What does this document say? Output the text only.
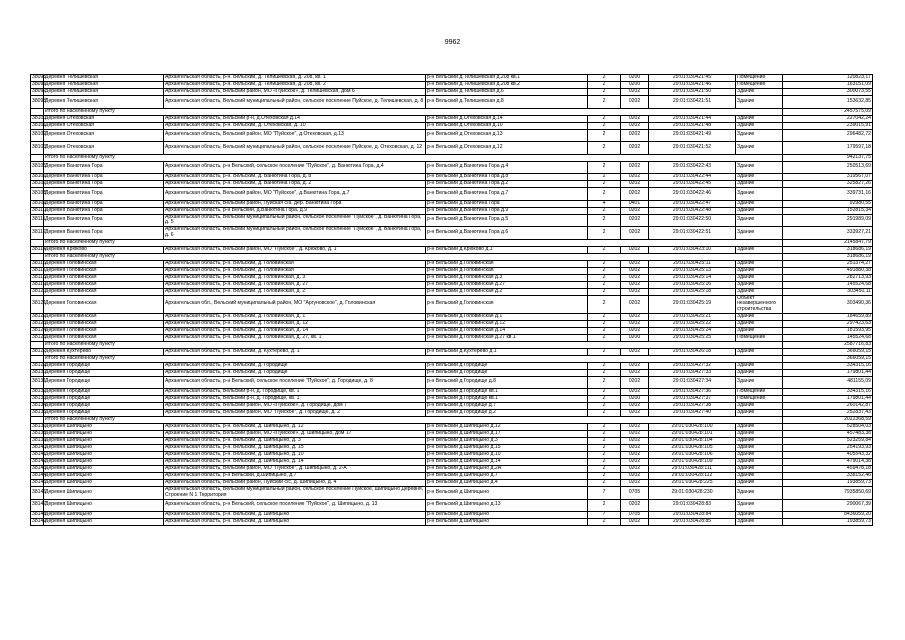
9962
38095	Деревня Телишевская	Архангельская область, р-н. Вельский, д. Телишевская, д. 208, кв. 1	р-н Вельский д.Телишевская д.208 кв.1	2	0200	29:01:030421:45	Помещение	120823,17
38096	Деревня Телишевская	Архангельская область, р-н. Вельский, д. Телишевская, д. 208, кв. 2	р-н Вельский д.Телишевская д.208 кв.2	2	0200	29:01:030421:46	Помещение	163151,09
38097	Деревня Телишевская	Архангельская область, Вельский район, МО «Пуйское», д. Телишевская, дом 6	р-н Вельский д.Телишевская д.6	2	0202	29:01:030421:50	Здание	300073,55
38098	Деревня Телишевская	Архангельская область, Вельский муниципальный район, сельское поселение Пуйское, д. Телишевская, д. 8	р-н Вельский д.Телишевская д.8	2	0202	29:01:030421:51	Здание	153632,85
	Итого по населенному пункту							2457575,09
38100	Деревня Отеховская	Архангельская область, Вельский р-н, д.Отеховская д.14	р-н Вельский д.Отеховская д.14	2	0202	29:01:030421:44	Здание	227042,24
38101	Деревня Отеховская	Архангельская область, р-н. Вельский, д. Отеховская, д. 10	р-н Вельский д.Отеховская д.10	2	0202	29:01:030421:48	Здание	239015,91
38102	Деревня Отеховская	Архангельская область, Вельский район, МО "Пуйское", д.Отеховская, д.13	р-н Вельский д.Отеховская д.13	2	0202	29:01:030421:49	Здание	296482,72
38103	Деревня Отеховская	Архангельская область, Вельский муниципальный район, сельское поселение Пуйское, д. Отеховская, д. 12	р-н Вельский д.Отеховская д.12	2	0202	29:01:030421:52	Здание	179597,18
	Итого по населенному пункту							942137,75
38105	Деревня Ванютина Гора	Архангельская область, р-н Вельский, сельское поселение "Пуйское", д. Ванютина Гора, д.4	р-н Вельский д.Ванютина Гора д.4	2	0202	29:01:030422:43	Здание	250513,69
38106	Деревня Ванютина Гора	Архангельская область, р-н. Вельский, д. Ванютина Гора, д. 8	р-н Вельский д.Ванютина Гора д.8	2	0202	29:01:030422:44	Здание	319567,07
38107	Деревня Ванютина Гора	Архангельская область, р-н. Вельский, д. Ванютина Гора, д. 2	р-н Вельский д.Ванютина Гора д.2	2	0202	29:01:030422:45	Здание	325827,26
38108	Деревня Ванютина Гора	Архангельская область, Вельский район, МО "Пуйское", д.Ванютина Гора, д.7	р-н Вельский д.Ванютина Гора д.7	2	0202	29:01:030422:46	Здание	339731,16
38109	Деревня Ванютина Гора	Архангельская область, Вельский район, Пуйская с/а, дер. Ванютина Гора	р-н Вельский д.Ванютина Гора	4	0401	29:01:030422:47	Здание	92980,55
38110	Деревня Ванютина Гора	Архангельская область, р-н Вельский, д.Ванютина Гора, д.9	р-н Вельский д.Ванютина Гора д.9	2	0202	29:01:030422:48	Здание	152815,34
38111	Деревня Ванютина Гора	Архангельская область, Вельский муниципальный район, сельское поселение "Пуйское", д. Ванютина Гора, д. 5	р-н Вельский д.Ванютина Гора д.5	2	0202	29:01:030422:50	Здание	291989,09
38112	Деревня Ванютина Гора	Архангельская область, Вельский муниципальный район, сельское поселение "Пуйское", д. Ванютина Гора, д. 6	р-н Вельский д.Ванютина Гора д.6	2	0202	29:01:030422:51	Здание	333927,21
	Итого по населенному пункту							2145847,79
38114	Деревня Крюково	Архангельская область, Вельский район, МО "Пуйское", д. Крюково, д. 1	р-н Вельский д.Крюково д.1	2	0202	29:01:030423:10	Здание	318686,19
	Итого по населенному пункту							318686,19
38116	Деревня Головинская	Архангельская область, р-н. Вельский, д. Головинская	р-н Вельский д.Головинская	2	0202	29:01:030425:11	Здание	251374,27
38117	Деревня Головинская	Архангельская область, р-н. Вельский, д. Головинская	р-н Вельский д.Головинская	2	0202	29:01:030425:13	Здание	491880,38
38118	Деревня Головинская	Архангельская область, р-н. Вельский, д. Головинская, д. 3	р-н Вельский д.Головинская д.3	2	0202	29:01:030425:14	Здание	282713,93
38119	Деревня Головинская	Архангельская область, р-н. Вельский, д. Головинская, д. 27	р-н Вельский д.Головинская д.27	2	0202	29:01:030425:16	Здание	145524,68
38120	Деревня Головинская	Архангельская область, р-н. Вельский, д. Головинская, д. 2	р-н Вельский д.Головинская д.2	2	0202	29:01:030425:18	Здание	303450,11
38121	Деревня Головинская	Архангельская обл., Вельский муниципальный район, МО "Аргуновское", д. Головинская	р-н Вельский д.Головинская	2	0202	29:01:030425:19	Объект незавершенного строительства	303490,36
38122	Деревня Головинская	Архангельская область, р-н. Вельский, д. Головинская, д. 1	р-н Вельский д.Головинская д.1	2	0202	29:01:030425:21	Здание	184659,89
38123	Деревня Головинская	Архангельская область, р-н. Вельский, д. Головинская, д. 12	р-н Вельский д.Головинская д.12	2	0202	29:01:030425:22	Здание	297423,63
38124	Деревня Головинская	Архангельская область, р-н. Вельский, д. Головинская, д. 14	р-н Вельский д.Головинская д.14	2	0202	29:01:030425:24	Здание	181593,95
38125	Деревня Головинская	Архангельская область, р-н. Вельский, д. Головинская, д. 27, кв. 1	р-н Вельский д.Головинская д.27 кв.1	2	0200	29:01:030425:25	Помещение	145524,68
	Итого по населенному пункту							2587716,83
38127	Деревня Кухтерево	Архангельская область, р-н. Вельский, д. Кухтерево, д. 1	р-н Вельский д.Кухтерево д.1	2	0202	29:01:030426:18	Здание	366059,15
	Итого по населенному пункту							366059,15
38129	Деревня Городище	Архангельская область, р-н. Вельский, д. Городище	р-н Вельский д.Городище	2	0202	29:01:030427:32	Здание	334315,16
38130	Деревня Городище	Архангельская область, р-н. Вельский, д. Городище	р-н Вельский д.Городище	2	0202	29:01:030427:33	Здание	179801,44
38131	Деревня Городище	Архангельская область, р-н Вельский, сельское поселение "Пуйское", д. Городище, д. 8	р-н Вельский д.Городище д.8	2	0202	29:01:030427:34	Здание	481155,09
38132	Деревня Городище	Архангельская область, Вельский р-н, д. Городище, кв. 1	р-н Вельский д.Городище кв.1	2	0202	29:01:030427:36	Помещение	334315,16
38133	Деревня Городище	Архангельская область, Вельский р-н, д. Городище, кв. 1	р-н Вельский д.Городище кв.1	2	0200	29:01:030427:37	Помещение	179801,44
38134	Деревня Городище	Архангельская область, Вельский район, МО «Пуйское», д. Городище, дом 7	р-н Вельский д.Городище д.7	2	0202	29:01:030427:38	Здание	260142,87
38135	Деревня Городище	Архангельская область, Вельский район, МО "Пуйское", д. Городище, д. 2	р-н Вельский д.Городище д.2	2	0202	29:01:030427:40	Здание	252837,43
	Итого по населенному пункту							2022368,59
38137	Деревня Шипицыно	Архангельская область, р-н. Вельский, д. Шипицыно, д. 12	р-н Вельский д.Шипицыно д.12	2	0202	29:01:030428:100	Здание	528504,03
38138	Деревня Шипицыно	Архангельская область, Вельский район, МО «Пуйское», д. Шипицыно, дом 17	р-н Вельский д.Шипицыно д.17	2	0202	29:01:030428:101	Здание	457483,38
38139	Деревня Шипицыно	Архангельская область, р-н. Вельский, д. Шипицыно, д. 3	р-н Вельский д.Шипицыно д.3	2	0202	29:01:030428:104	Здание	523259,84
38140	Деревня Шипицыно	Архангельская область, р-н. Вельский, д. Шипицыно, д. 15	р-н Вельский д.Шипицыно д.15	2	0202	29:01:030428:105	Здание	254193,93
38141	Деревня Шипицыно	Архангельская область, р-н. Вельский, д. Шипицыно, д. 10	р-н Вельский д.Шипицыно д.10	2	0202	29:01:030428:106	Здание	405543,32
38142	Деревня Шипицыно	Архангельская область, р-н. Вельский, д. Шипицыно, д. 14	р-н Вельский д.Шипицыно д.14	2	0202	29:01:030428:109	Здание	479014,38
38143	Деревня Шипицыно	Архангельская область, Вельский район, МО "Пуйское", д. Шипицыно, д. 2-А	р-н Вельский д.Шипицыно д.2А	2	0202	29:01:030428:111	Здание	459478,18
38144	Деревня Шипицыно	Архангельская область, р-н Вельский, д.Шипицыно, д.7	р-н Вельский д.Шипицыно д.7	2	0202	29:01:030428:112	Здание	338152,46
38145	Деревня Шипицыно	Архангельская область, Вельский район, Пуйский с/с, д. Шипицыно, д. 4	р-н Вельский д.Шипицыно д.4	2	0202	29:01:030428:225	Здание	193859,73
38146	Деревня Шипицыно	Архангельская область, Вельский муниципальный район, сельское поселение Пуйское, Шипицыно Деревня, Строение N 1 Территория	р-н Вельский д.Шипицыно	7	0705	29:01:030428:230	Здание	7935850,69
38147	Деревня Шипицыно	Архангельская область, р-н Вельский, сельское поселение "Пуйское", д. Шипицыно, д. 13	р-н Вельский д.Шипицыно д.13	2	0202	29:01:030428:83	Здание	290067,39
38148	Деревня Шипицыно	Архангельская область, р-н. Вельский, д. Шипицыно	р-н Вельский д.Шипицыно	7	0705	29:01:030428:84	Здание	8436059,20
38149	Деревня Шипицыно	Архангельская область, р-н. Вельский, д. Шипицыно	р-н Вельский д.Шипицыно	2	0202	29:01:030428:85	Здание	193859,73
